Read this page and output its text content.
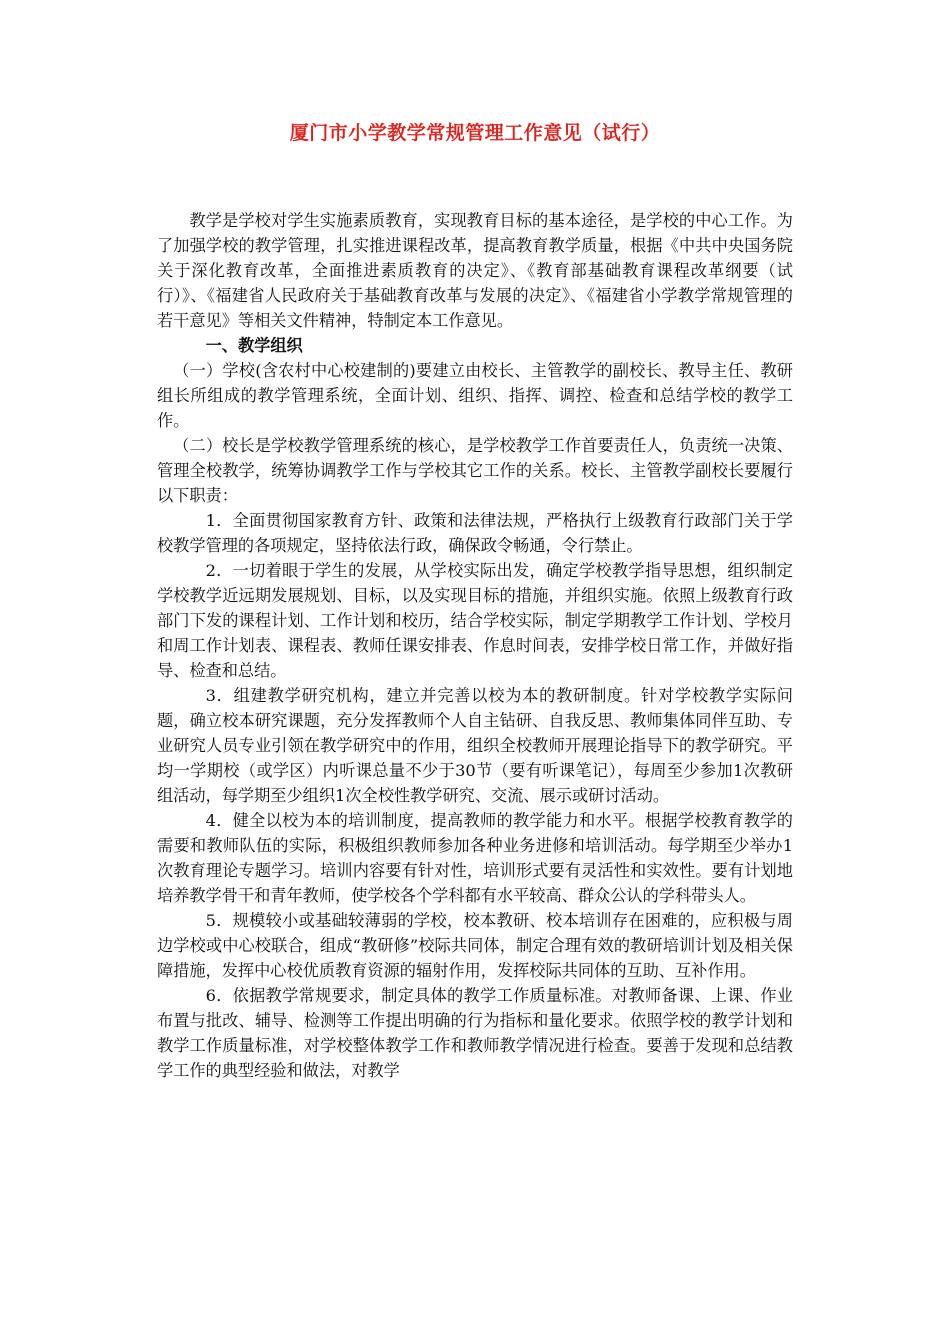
厦门市小学教学常规管理工作意见（试行）

教学是学校对学生实施素质教育，实现教育目标的基本途径，是学校的中心工作。为了加强学校的教学管理，扎实推进课程改革，提高教育教学质量，根据《中共中央国务院关于深化教育改革，全面推进素质教育的决定》、《教育部基础教育课程改革纲要（试行）》、《福建省人民政府关于基础教育改革与发展的决定》、《福建省小学教学常规管理的若干意见》等相关文件精神，特制定本工作意见。

一、教学组织

（一）学校(含农村中心校建制的)要建立由校长、主管教学的副校长、教导主任、教研组长所组成的教学管理系统，全面计划、组织、指挥、调控、检查和总结学校的教学工作。

（二）校长是学校教学管理系统的核心，是学校教学工作首要责任人，负责统一决策、管理全校教学，统筹协调教学工作与学校其它工作的关系。校长、主管教学副校长要履行以下职责：

1．全面贯彻国家教育方针、政策和法律法规，严格执行上级教育行政部门关于学校教学管理的各项规定，坚持依法行政，确保政令畅通，令行禁止。

2．一切着眼于学生的发展，从学校实际出发，确定学校教学指导思想，组织制定学校教学近远期发展规划、目标，以及实现目标的措施，并组织实施。依照上级教育行政部门下发的课程计划、工作计划和校历，结合学校实际，制定学期教学工作计划、学校月和周工作计划表、课程表、教师任课安排表、作息时间表，安排学校日常工作，并做好指导、检查和总结。

3．组建教学研究机构，建立并完善以校为本的教研制度。针对学校教学实际问题，确立校本研究课题，充分发挥教师个人自主钻研、自我反思、教师集体同伴互助、专业研究人员专业引领在教学研究中的作用，组织全校教师开展理论指导下的教学研究。平均一学期校（或学区）内听课总量不少于30节（要有听课笔记），每周至少参加1次教研组活动，每学期至少组织1次全校性教学研究、交流、展示或研讨活动。

4．健全以校为本的培训制度，提高教师的教学能力和水平。根据学校教育教学的需要和教师队伍的实际，积极组织教师参加各种业务进修和培训活动。每学期至少举办1次教育理论专题学习。培训内容要有针对性，培训形式要有灵活性和实效性。要有计划地培养教学骨干和青年教师，使学校各个学科都有水平较高、群众公认的学科带头人。

5．规模较小或基础较薄弱的学校，校本教研、校本培训存在困难的，应积极与周边学校或中心校联合，组成“教研修”校际共同体，制定合理有效的教研培训计划及相关保障措施，发挥中心校优质教育资源的辐射作用，发挥校际共同体的互助、互补作用。

6．依据教学常规要求，制定具体的教学工作质量标准。对教师备课、上课、作业布置与批改、辅导、检测等工作提出明确的行为指标和量化要求。依照学校的教学计划和教学工作质量标准，对学校整体教学工作和教师教学情况进行检查。要善于发现和总结教学工作的典型经验和做法，对教学
